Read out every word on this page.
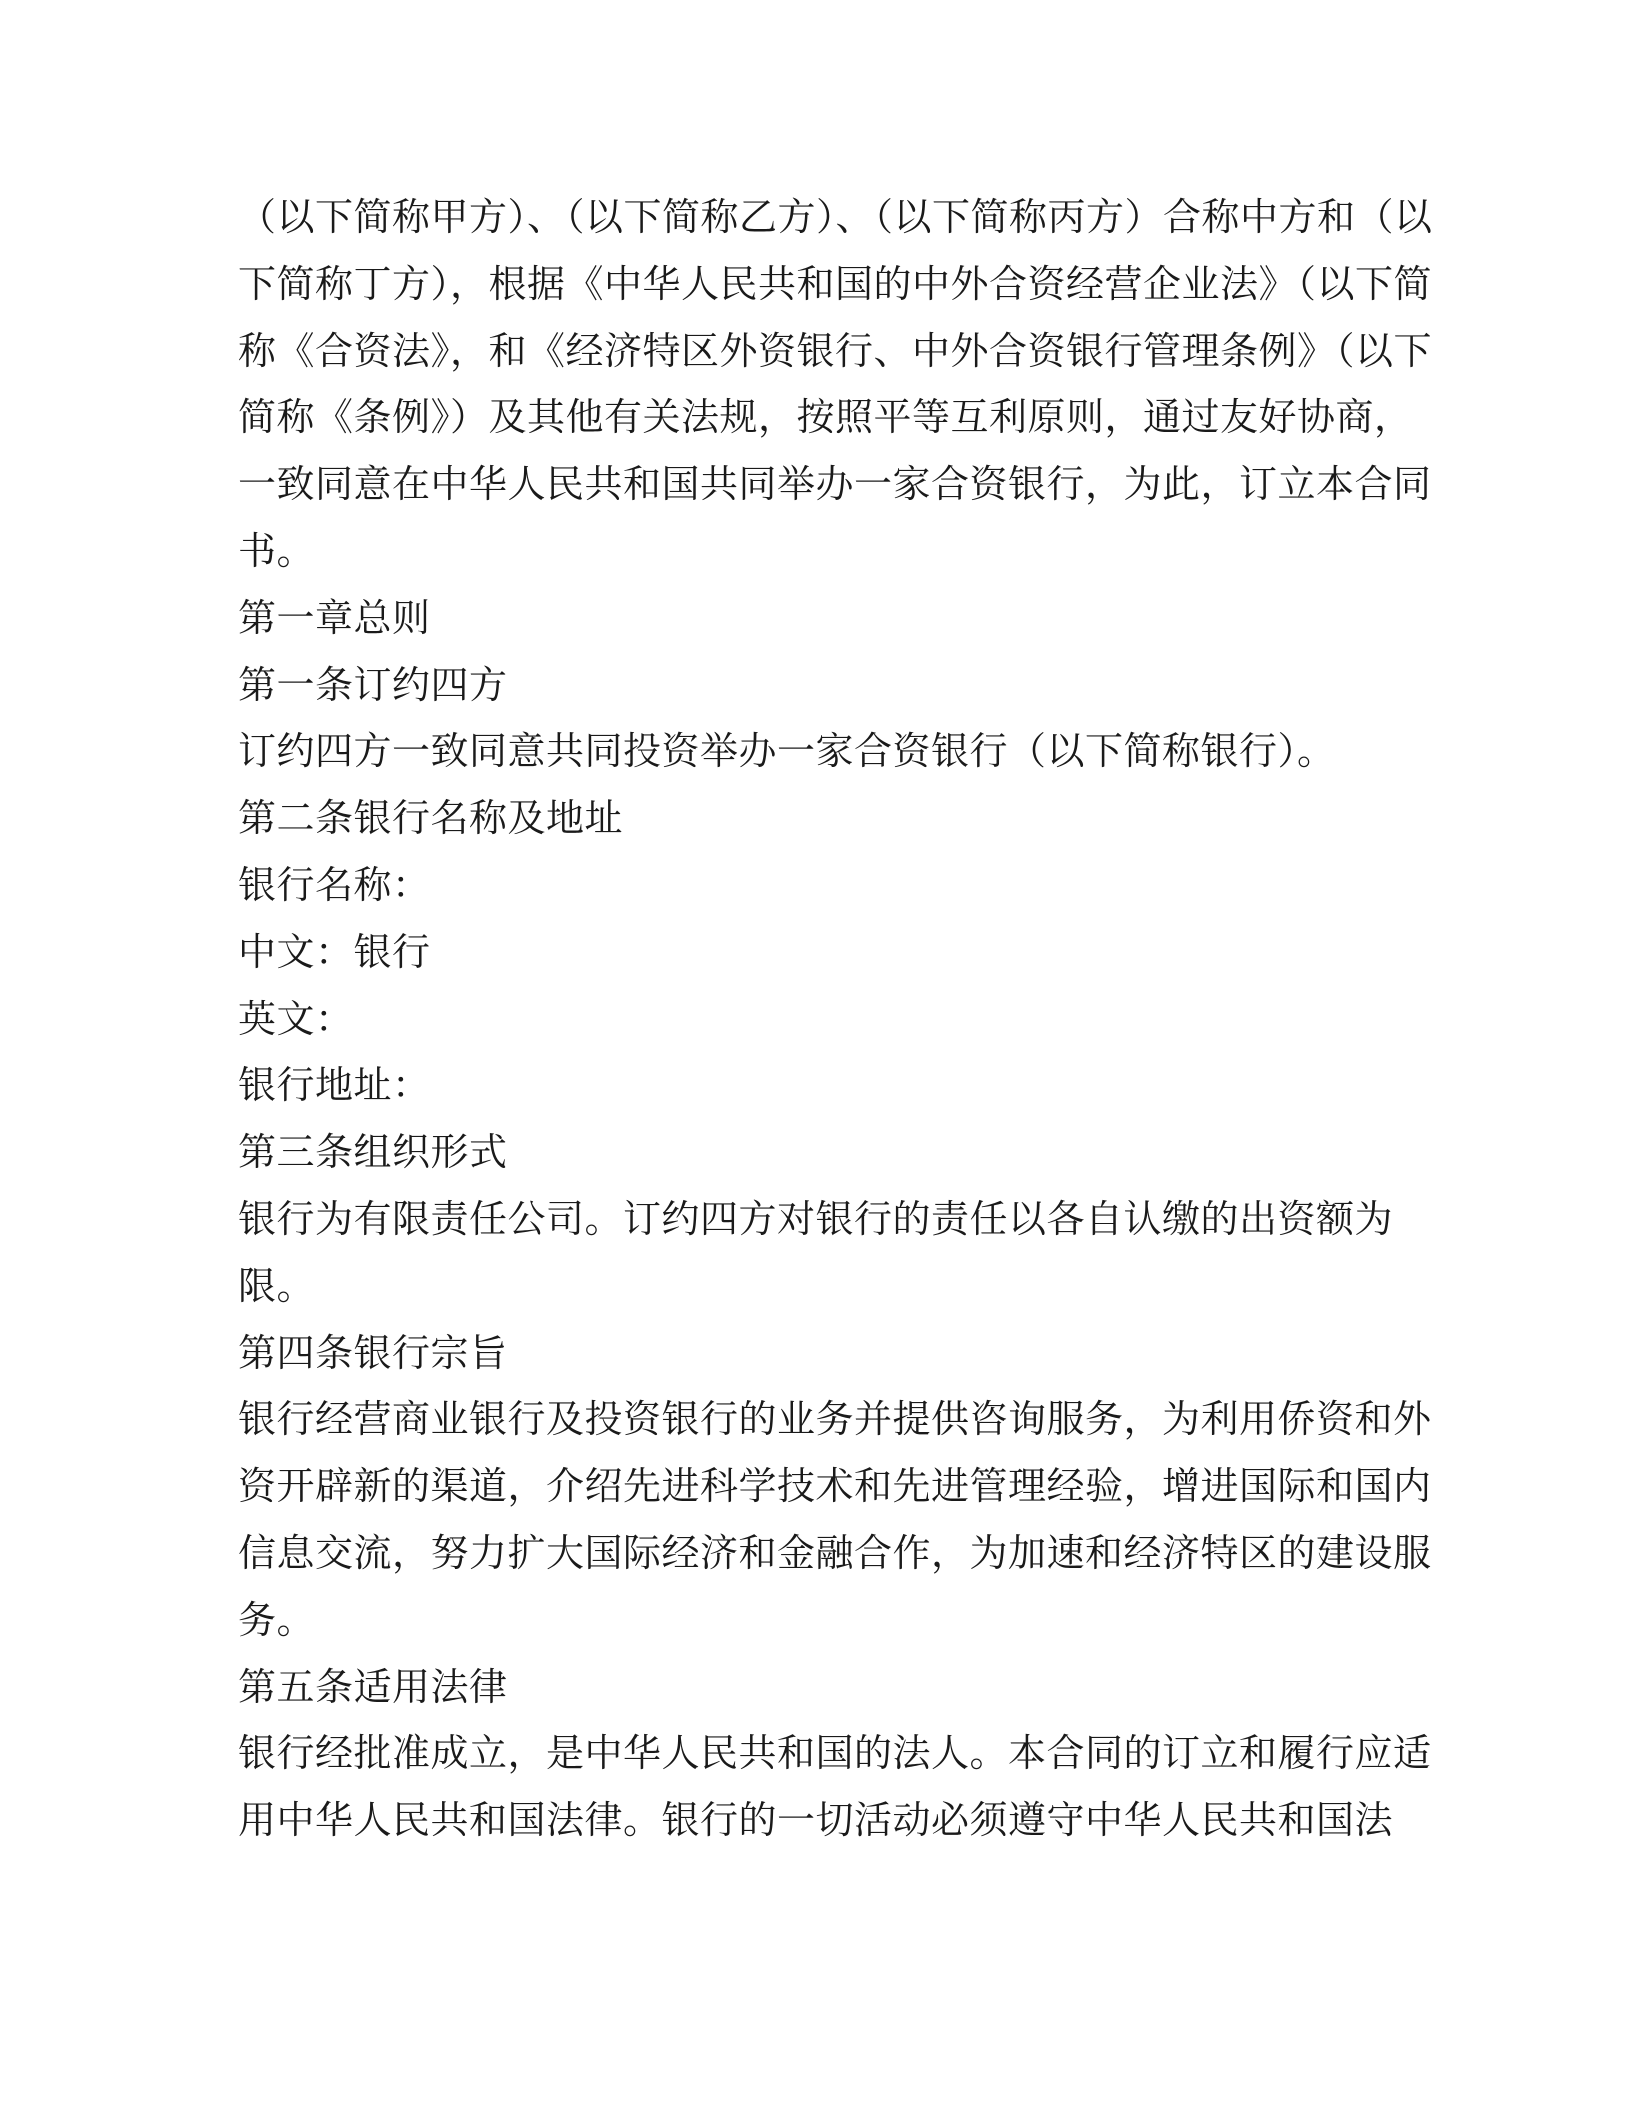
（以下简称甲方）、（以下简称乙方）、（以下简称丙方）合称中方和（以
下简称丁方），根据《中华人民共和国的中外合资经营企业法》（以下简
称《合资法》，和《经济特区外资银行、中外合资银行管理条例》（以下
简称《条例》）及其他有关法规，按照平等互利原则，通过友好协商，
一致同意在中华人民共和国共同举办一家合资银行，为此，订立本合同
书。
第一章总则
第一条订约四方
订约四方一致同意共同投资举办一家合资银行（以下简称银行）。
第二条银行名称及地址
银行名称：
中文：银行
英文：
银行地址：
第三条组织形式
银行为有限责任公司。订约四方对银行的责任以各自认缴的出资额为
限。
第四条银行宗旨
银行经营商业银行及投资银行的业务并提供咨询服务，为利用侨资和外
资开辟新的渠道，介绍先进科学技术和先进管理经验，增进国际和国内
信息交流，努力扩大国际经济和金融合作，为加速和经济特区的建设服
务。
第五条适用法律
银行经批准成立，是中华人民共和国的法人。本合同的订立和履行应适
用中华人民共和国法律。银行的一切活动必须遵守中华人民共和国法
